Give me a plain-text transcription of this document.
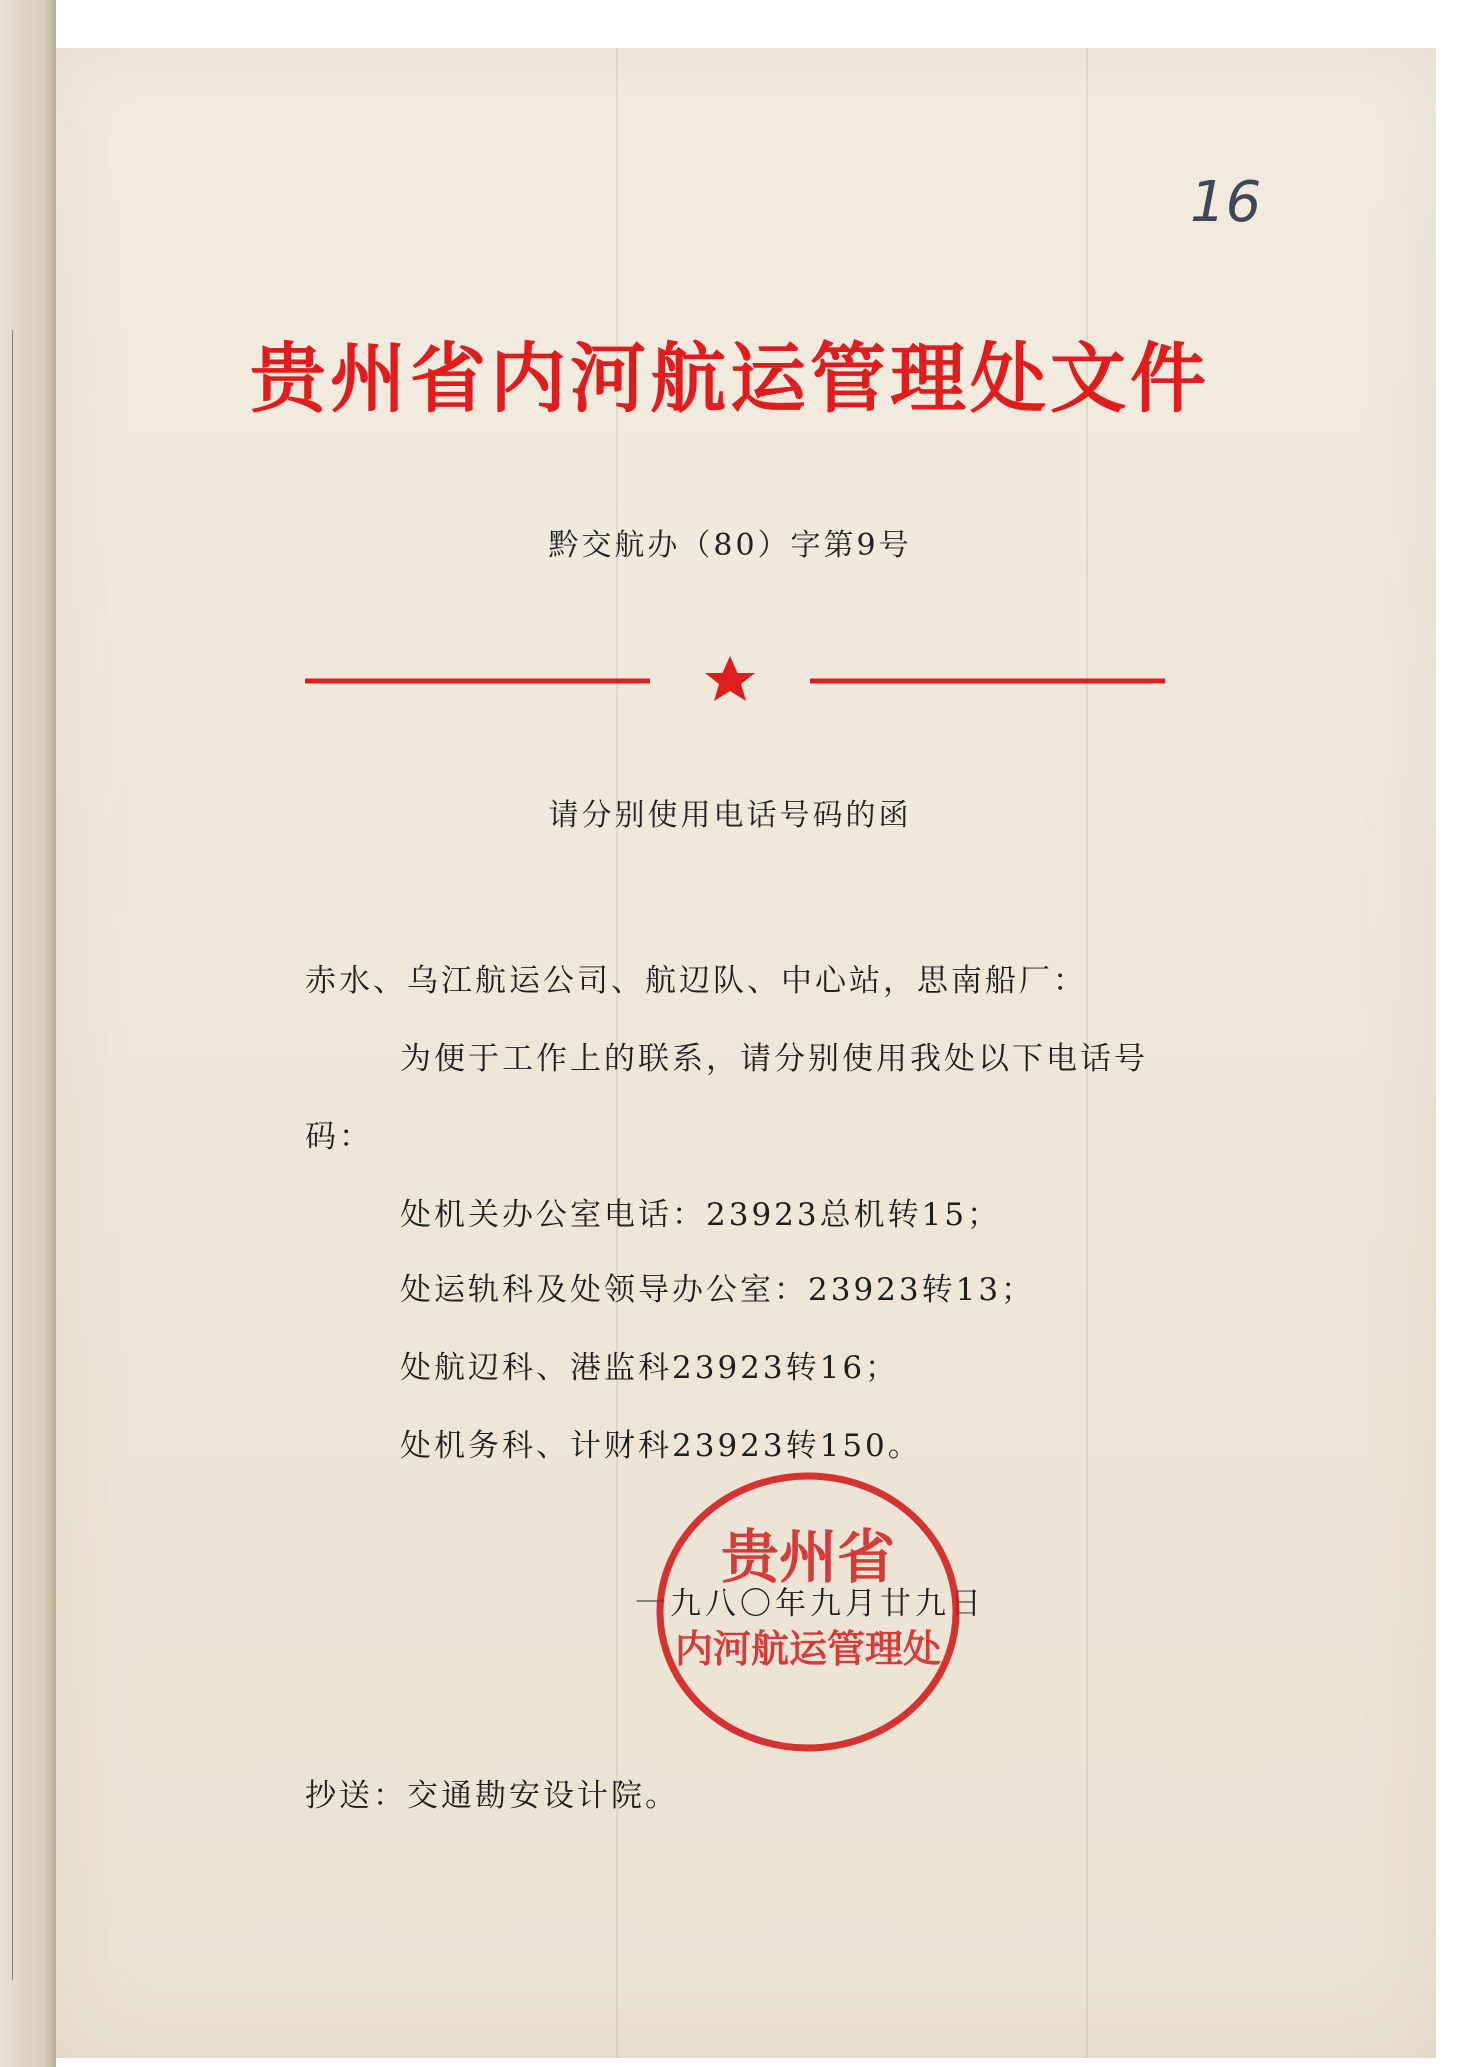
16
贵州省内河航运管理处文件
黔交航办（80）字第9号
请分别使用电话号码的函
赤水、乌江航运公司、航辺队、中心站，思南船厂：
为便于工作上的联系，请分别使用我处以下电话号
码：
处机关办公室电话：23923总机转15；
处运轨科及处领导办公室：23923转13；
处航辺科、港监科23923转16；
处机务科、计财科23923转150。
一九八〇年九月廿九日
贵州省
内河航运管理处
抄送：交通勘安设计院。
